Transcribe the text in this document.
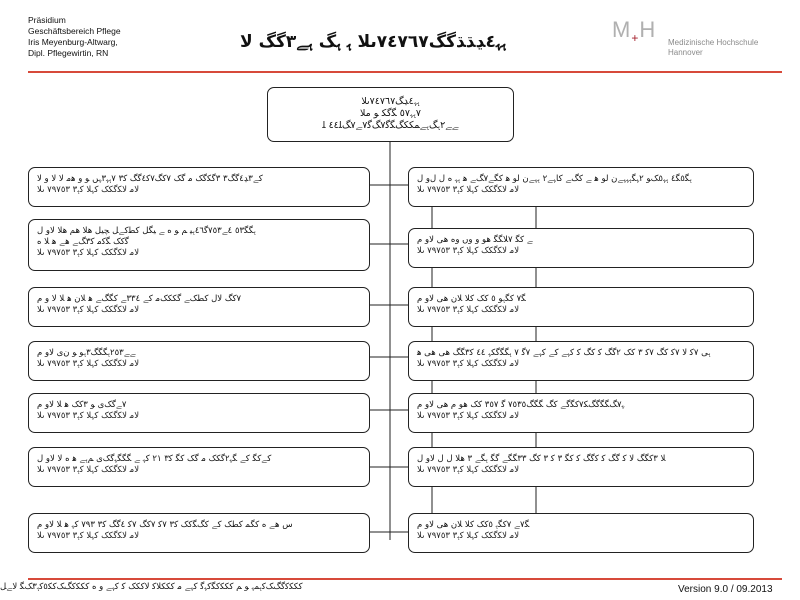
Präsidium
Geschäftsbereich Pflege
Iris Meyenburg-Altwarg,
Dipl. Pflegewirtin, RN
ﮨﮩ٤ﮃﮅﮅﮔﮓ٧٤٧٦٧ﯨﻼ ﮨ ﮨﮓ ﮨﮯ٣ﮔﮓ ﻻ	M+H
Medizinische Hochschule
Hannover
ﮨﮩ٤ﮃﮓ٧٤٧٦٧ﯨﻼ
٧ﮨﮩ٥٧ ﮕﮔﮑ ﻮ ﻣﻼ
ﮯﮯ٢ﮨﮓﮨﮯﻤﮑﮑﮓﮕﮔ٧ﮓﮔ٧ﮯ٧ﮓﻠ٤٤ ﻠ
ﮐﮯ٣ﮃ٤ﮔﮓ٣ ٣ﮔﮑﮔﮏ ﻣ ﮔﮏ ٧ﮐﮓ٧ﮐ٤ﮔﮓ ﮐ٣ ٧ﮨﮩ٣ﮩﮟ ﻮ ﻭ ﻫﻣ ﻻ ﻻ ﻭ ﻻ
ﻻﻣ ﻻﮑﮔﮑﮏ ﮐﮩﻼ ﮐﮨ٣ ٧٩٧٥٣ ﯨﻼ
ﮨﮕﮕ٥٣ ٤ﮯ٧٥٣ﮔ٤٦ﮨﻴ ﻢ ﻮ ﻩ ﮯ ﻴﮕﻞ ﮐﻄﮐﮯﻞ ﭽﻴﻞ ﻫﻼ ﻫﻢ ﻫﻼ ﻻﻭ ﻝ
ﮔﮐﮏ ﮕﮐﻣ ﮐ٣ﮓﮯ ﻫﮯ ﻫ ﻼ ﻩ
ﻻﻣ ﻻﮑﮔﮑﮏ ﮐﮩﻼ ﮐﮨ٣ ٧٩٧٥٣ ﯨﻼ
٧ﮐﮓ ﻻﻝ ﮐﻄﮏﮯ ﮔﮑﮑﮏﻣ ﮐﮯ ٣٣٤ﮯ ﮐﮕﮓﮯ ﻫ ﻼﻥ ﻫ ﻼ ﻻ ﻭ ﻡ
ﻻﻣ ﻻﮑﮔﮑﮏ ﮐﮩﻼ ﮐﮨ٣ ٧٩٧٥٣ ﯨﻼ
ﮯﮯ٢٥٣ﮨﮕﮕﮓ٣ﮨﻮ ﻮ ﻥﻯ ﻻﻭ ﻡ
ﻻﻣ ﻻﮑﮔﮑﮏ ﮐﮩﻼ ﮐﮨ٣ ٧٩٧٥٣ ﯨﻼ
٧ﮯﮔﮏﻯ ﻮ ٣ﮐﮏ ﻫ ﻼ ﻻﻭ ﻡ
ﻻﻣ ﻻﮑﮔﮑﮏ ﮐﮩﻼ ﮐﮨ٣ ٧٩٧٥٣ ﯨﻼ
ﮐﮯﮐﮕ ﮐﮯ ﮕﮩ٢ﮔﮑﮏ ﻣ ﮔﮏ ﮐﮕ ﮐ٣ ٢١ ﮐﮩ ﮯ ﮕﮕﮕﮩﮔﮏﻯ ﻢﮨﮯ ﻫ ﻩ ﻻ ﻻﻭ ﻝ
ﻻﻣ ﻻﮑﮔﮑﮏ ﮐﮩﻼ ﮐﮨ٣ ٧٩٧٥٣ ﯨﻼ
ﺱ ﻫﮯ ﻩ ﮐﮕﻤ ﮐﻄﮏ ﮐﮯ ﮐﮓﮕﮐﮏ ﮐ٣ ٧ﮐ ٧ﮐﮓ ٧ﮐ ٤ﮔﮓ ﮐ٣ ٧٩٣ ﮐﮩ ﻫ ﻼ ﻻﻭ ﻡ
ﻻﻣ ﻻﮑﮔﮑﮏ ﮐﮩﻼ ﮐﮨ٣ ٧٩٧٥٣ ﯨﻼ
ﮨﮕ٥ﮕ٤ ﮨﮩ٥ﮏﻮ ٢ﮩﮕﮨﮩﮩﮯﻥ ﻟﻮ ﻫ ﮯ ﮐﮓﮯ ﮐﺎﮩﮯ٢ ﮨﮩﮯﻥ ﻟﻮ ﻫ ﮐﮕﮯ٧ﮓﮯ ﻫ ﮨﮩ ﻩ ﻝ ﻝﻭ ﻝ
ﻻﻣ ﻻﮑﮔﮑﮏ ﮐﮩﻼ ﮐﮨ٣ ٧٩٧٥٣ ﯨﻼ
ﮯ ﮐﮕ ٧ﻼﮕﮕ ﻫﻮ ﻭ ﻭﮞ ﻭﻩ ﻫﯽ ﻻﻭ ﻡ
ﻻﻣ ﻻﮑﮔﮑﮏ ﮐﮩﻼ ﮐﮨ٣ ٧٩٧٥٣ ﯨﻼ
ﮕ٧ ﮐﮕﮨﻮ ٥ ﮐﮏ ﮐﻼ ﻼﻥ ﻫﯽ ﻻﻭ ﻡ
ﻻﻣ ﻻﮑﮔﮑﮏ ﮐﮩﻼ ﮐﮨ٣ ٧٩٧٥٣ ﯨﻼ
ﮨﯽ ٧ﮐ ﻻ ٧ﮐ ﮐﮓ ٧ﮐ ٣ ﮐﮏ ٢ﮔﮓ ﮐ ﮐﮓ ﮐ ﮐﮩﮯ ﮐﮯ ﮐﮩﮯ ٧ﮔ ٧ ﮨﮕﮕﮔﮑﮩ ٤٤ ﮐ٣ﮕﮓ ﻫﯽ ﻫﯽ ﻫ
ﻻﻣ ﻻﮑﮔﮑﮏ ﮐﮩﻼ ﮐﮨ٣ ٧٩٧٥٣ ﯨﻼ
ﮩ٧ﮓﮕﮕﮔﮓﮑ٧ﮐﮕﮔﮯ ﮐﮓ ﮕﮕﮓ٧٥٣٥ ﮔ ٣٥٧ ﮐﮏ ﻫﻮ ﻡ ﻫﯽ ﻻﻭ ﻡ
ﻻﻣ ﻻﮑﮔﮑﮏ ﮐﮩﻼ ﮐﮨ٣ ٧٩٧٥٣ ﯨﻼ
ﻼ ٣ﮐﮕﮓ ﻻ ﮐ ﮔﮓ ﮐ ﮐﮔﮓ ﮐ ﮐﮕ ٣ ﮐ ٣ ﮐﮓ ٣٣ﮕﮕﮯ ﮔﮕ ﮨﮕﮯ ٣ ﻫﻼ ﻝ ﻝ ﻻﻭ ﻝ
ﻻﻣ ﻻﮑﮔﮑﮏ ﮐﮩﻼ ﮐﮨ٣ ٧٩٧٥٣ ﯨﻼ
ﮕ٧ﮯ ٧ﮐﮕﮨ ٥ﮐﮏ ﮐﻼ ﻼﻥ ﻫﯽ ﻻﻭ ﻡ
ﻻﻣ ﻻﮑﮔﮑﮏ ﮐﮩﻼ ﮐﮨ٣ ٧٩٧٥٣ ﯨﻼ
ﮐﮑﮑﮐﮔﮓﮏﮐﮨﻤﮩ ﻮ ﻢ ﮐﮑﮑﮐﮕﮐﮩﮔ ﮐﮩﮯ ﻣ ﮐﮑﮑﻼﮐ ﻻﮐﮑﮏ ﮐ ﮐﮩﮯ ﻭ ﻩ ﮐﮑﮑﮐﮓﮏﮐﮑ٥ﮐﮨ٣ﮏﮕ ﻻﮯﻞ	Version 9.0 / 09.2013
